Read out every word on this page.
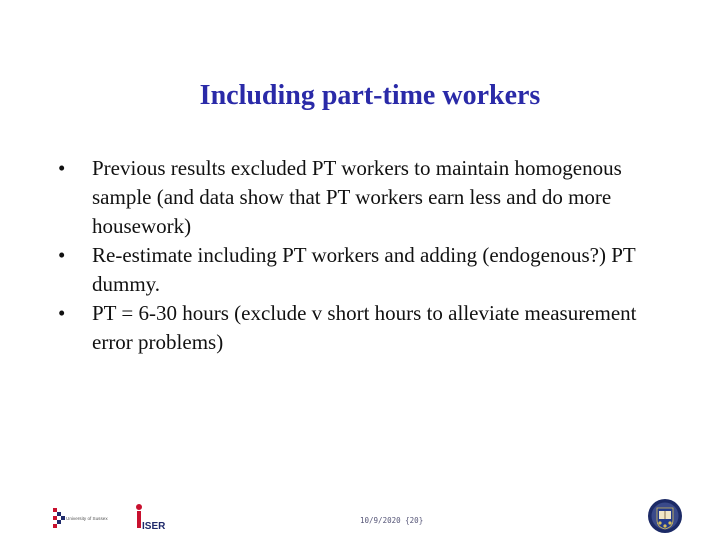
Including part-time workers
•	Previous results excluded PT workers to maintain homogenous sample (and data show that PT workers earn less and do more housework)
•	Re-estimate including PT workers and adding (endogenous?) PT dummy.
•	PT = 6-30 hours (exclude v short hours to alleviate measurement error problems)
University of Sussex
ISER
10/9/2020 {20}
